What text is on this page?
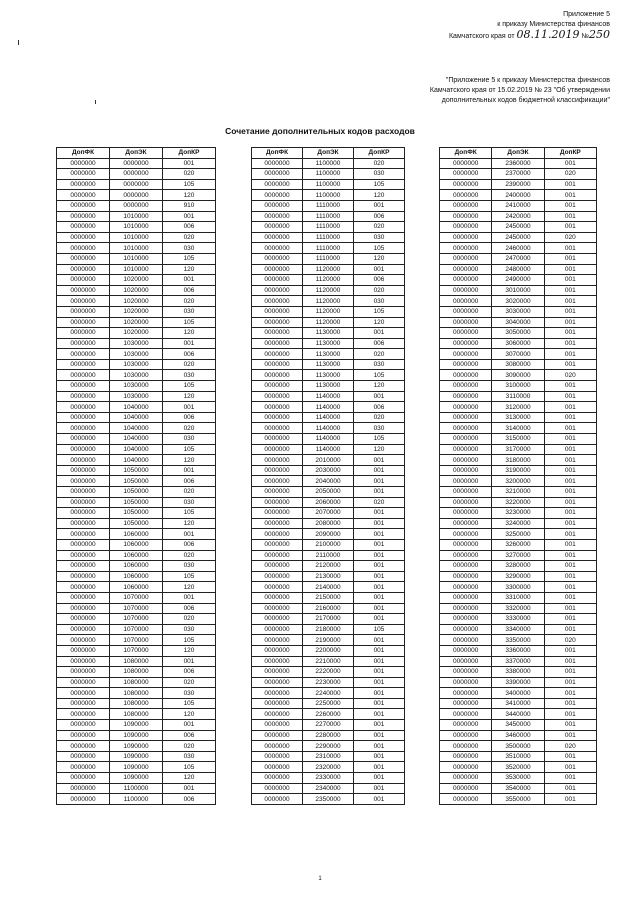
Приложение 5
к приказу Министерства финансов
Камчатского края от 08.11.2019 №250
"Приложение 5 к приказу Министерства финансов
Камчатского края от 15.02.2019 № 23 "Об утверждении
дополнительных кодов бюджетной классификации"
Сочетание дополнительных кодов расходов
ДопФК	ДопЭК	ДопКР
0000000	0000000	001
0000000	0000000	020
0000000	0000000	105
0000000	0000000	120
0000000	0000000	910
0000000	1010000	001
0000000	1010000	006
0000000	1010000	020
0000000	1010000	030
0000000	1010000	105
0000000	1010000	120
0000000	1020000	001
0000000	1020000	006
0000000	1020000	020
0000000	1020000	030
0000000	1020000	105
0000000	1020000	120
0000000	1030000	001
0000000	1030000	006
0000000	1030000	020
0000000	1030000	030
0000000	1030000	105
0000000	1030000	120
0000000	1040000	001
0000000	1040000	006
0000000	1040000	020
0000000	1040000	030
0000000	1040000	105
0000000	1040000	120
0000000	1050000	001
0000000	1050000	006
0000000	1050000	020
0000000	1050000	030
0000000	1050000	105
0000000	1050000	120
0000000	1060000	001
0000000	1060000	006
0000000	1060000	020
0000000	1060000	030
0000000	1060000	105
0000000	1060000	120
0000000	1070000	001
0000000	1070000	006
0000000	1070000	020
0000000	1070000	030
0000000	1070000	105
0000000	1070000	120
0000000	1080000	001
0000000	1080000	006
0000000	1080000	020
0000000	1080000	030
0000000	1080000	105
0000000	1080000	120
0000000	1090000	001
0000000	1090000	006
0000000	1090000	020
0000000	1090000	030
0000000	1090000	105
0000000	1090000	120
0000000	1100000	001
0000000	1100000	006
ДопФК	ДопЭК	ДопКР
0000000	1100000	020
0000000	1100000	030
0000000	1100000	105
0000000	1100000	120
0000000	1110000	001
0000000	1110000	006
0000000	1110000	020
0000000	1110000	030
0000000	1110000	105
0000000	1110000	120
0000000	1120000	001
0000000	1120000	006
0000000	1120000	020
0000000	1120000	030
0000000	1120000	105
0000000	1120000	120
0000000	1130000	001
0000000	1130000	006
0000000	1130000	020
0000000	1130000	030
0000000	1130000	105
0000000	1130000	120
0000000	1140000	001
0000000	1140000	006
0000000	1140000	020
0000000	1140000	030
0000000	1140000	105
0000000	1140000	120
0000000	2010000	001
0000000	2030000	001
0000000	2040000	001
0000000	2050000	001
0000000	2060000	020
0000000	2070000	001
0000000	2080000	001
0000000	2090000	001
0000000	2100000	001
0000000	2110000	001
0000000	2120000	001
0000000	2130000	001
0000000	2140000	001
0000000	2150000	001
0000000	2160000	001
0000000	2170000	001
0000000	2180000	105
0000000	2190000	001
0000000	2200000	001
0000000	2210000	001
0000000	2220000	001
0000000	2230000	001
0000000	2240000	001
0000000	2250000	001
0000000	2260000	001
0000000	2270000	001
0000000	2280000	001
0000000	2290000	001
0000000	2310000	001
0000000	2320000	001
0000000	2330000	001
0000000	2340000	001
0000000	2350000	001
ДопФК	ДопЭК	ДопКР
0000000	2360000	001
0000000	2370000	020
0000000	2390000	001
0000000	2400000	001
0000000	2410000	001
0000000	2420000	001
0000000	2450000	001
0000000	2450000	020
0000000	2460000	001
0000000	2470000	001
0000000	2480000	001
0000000	2490000	001
0000000	3010000	001
0000000	3020000	001
0000000	3030000	001
0000000	3040000	001
0000000	3050000	001
0000000	3060000	001
0000000	3070000	001
0000000	3080000	001
0000000	3090000	020
0000000	3100000	001
0000000	3110000	001
0000000	3120000	001
0000000	3130000	001
0000000	3140000	001
0000000	3150000	001
0000000	3170000	001
0000000	3180000	001
0000000	3190000	001
0000000	3200000	001
0000000	3210000	001
0000000	3220000	001
0000000	3230000	001
0000000	3240000	001
0000000	3250000	001
0000000	3260000	001
0000000	3270000	001
0000000	3280000	001
0000000	3290000	001
0000000	3300000	001
0000000	3310000	001
0000000	3320000	001
0000000	3330000	001
0000000	3340000	001
0000000	3350000	020
0000000	3360000	001
0000000	3370000	001
0000000	3380000	001
0000000	3390000	001
0000000	3400000	001
0000000	3410000	001
0000000	3440000	001
0000000	3450000	001
0000000	3460000	001
0000000	3500000	020
0000000	3510000	001
0000000	3520000	001
0000000	3530000	001
0000000	3540000	001
0000000	3550000	001
1
